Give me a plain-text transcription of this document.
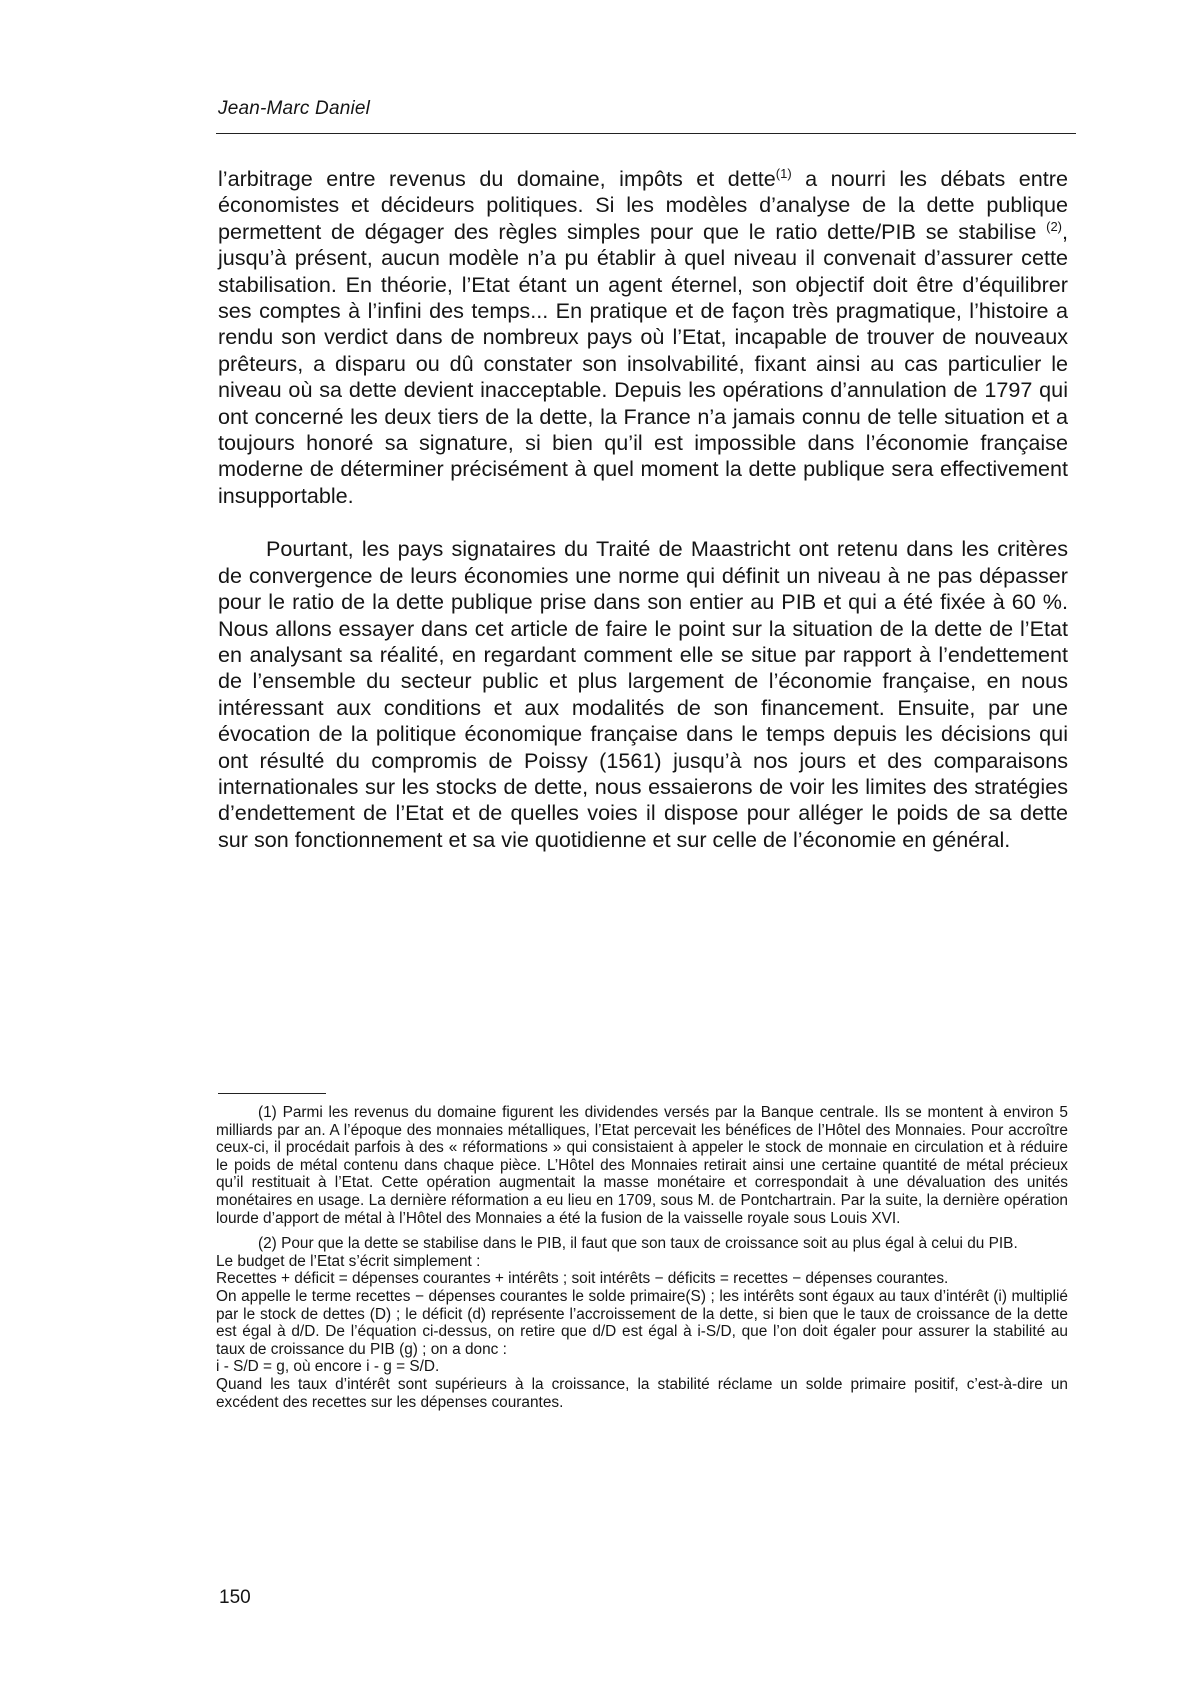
Jean-Marc Daniel

l’arbitrage entre revenus du domaine, impôts et dette$^{(1)}$ a nourri les débats entre économistes et décideurs politiques. Si les modèles d’analyse de la dette publique permettent de dégager des règles simples pour que le ratio dette/PIB se stabilise $^{(2)}$, jusqu’à présent, aucun modèle n’a pu établir à quel niveau il convenait d’assurer cette stabilisation. En théorie, l’Etat étant un agent éternel, son objectif doit être d’équilibrer ses comptes à l’infini des temps... En pratique et de façon très pragmatique, l’histoire a rendu son verdict dans de nombreux pays où l’Etat, incapable de trouver de nouveaux prêteurs, a disparu ou dû constater son insolvabilité, fixant ainsi au cas particulier le niveau où sa dette devient inacceptable. Depuis les opérations d’annulation de 1797 qui ont concerné les deux tiers de la dette, la France n’a jamais connu de telle situation et a toujours honoré sa signature, si bien qu’il est impossible dans l’économie française moderne de déterminer précisément à quel moment la dette publique sera effectivement insupportable.

Pourtant, les pays signataires du Traité de Maastricht ont retenu dans les critères de convergence de leurs économies une norme qui définit un niveau à ne pas dépasser pour le ratio de la dette publique prise dans son entier au PIB et qui a été fixée à 60 %. Nous allons essayer dans cet article de faire le point sur la situation de la dette de l’Etat en analysant sa réalité, en regardant comment elle se situe par rapport à l’endettement de l’ensemble du secteur public et plus largement de l’économie française, en nous intéressant aux conditions et aux modalités de son financement. Ensuite, par une évocation de la politique économique française dans le temps depuis les décisions qui ont résulté du compromis de Poissy (1561) jusqu’à nos jours et des comparaisons internationales sur les stocks de dette, nous essaierons de voir les limites des stratégies d’endettement de l’Etat et de quelles voies il dispose pour alléger le poids de sa dette sur son fonctionnement et sa vie quotidienne et sur celle de l’économie en général.

(1) Parmi les revenus du domaine figurent les dividendes versés par la Banque centrale. Ils se montent à environ 5 milliards par an. A l’époque des monnaies métalliques, l’Etat percevait les bénéfices de l’Hôtel des Monnaies. Pour accroître ceux-ci, il procédait parfois à des « réformations » qui consistaient à appeler le stock de monnaie en circulation et à réduire le poids de métal contenu dans chaque pièce. L’Hôtel des Monnaies retirait ainsi une certaine quantité de métal précieux qu’il restituait à l’Etat. Cette opération augmentait la masse monétaire et correspondait à une dévaluation des unités monétaires en usage. La dernière réformation a eu lieu en 1709, sous M. de Pontchartrain. Par la suite, la dernière opération lourde d’apport de métal à l’Hôtel des Monnaies a été la fusion de la vaisselle royale sous Louis XVI.

(2) Pour que la dette se stabilise dans le PIB, il faut que son taux de croissance soit au plus égal à celui du PIB.

Le budget de l’Etat s’écrit simplement :

Recettes + déficit = dépenses courantes + intérêts ; soit intérêts − déficits = recettes − dépenses courantes.

On appelle le terme recettes − dépenses courantes le solde primaire(S) ; les intérêts sont égaux au taux d’intérêt (i) multiplié par le stock de dettes (D) ; le déficit (d) représente l’accroissement de la dette, si bien que le taux de croissance de la dette est égal à d/D. De l’équation ci-dessus, on retire que d/D est égal à i-S/D, que l’on doit égaler pour assurer la stabilité au taux de croissance du PIB (g) ; on a donc :

i - S/D = g, où encore i - g = S/D.

Quand les taux d’intérêt sont supérieurs à la croissance, la stabilité réclame un solde primaire positif, c’est-à-dire un excédent des recettes sur les dépenses courantes.

150
